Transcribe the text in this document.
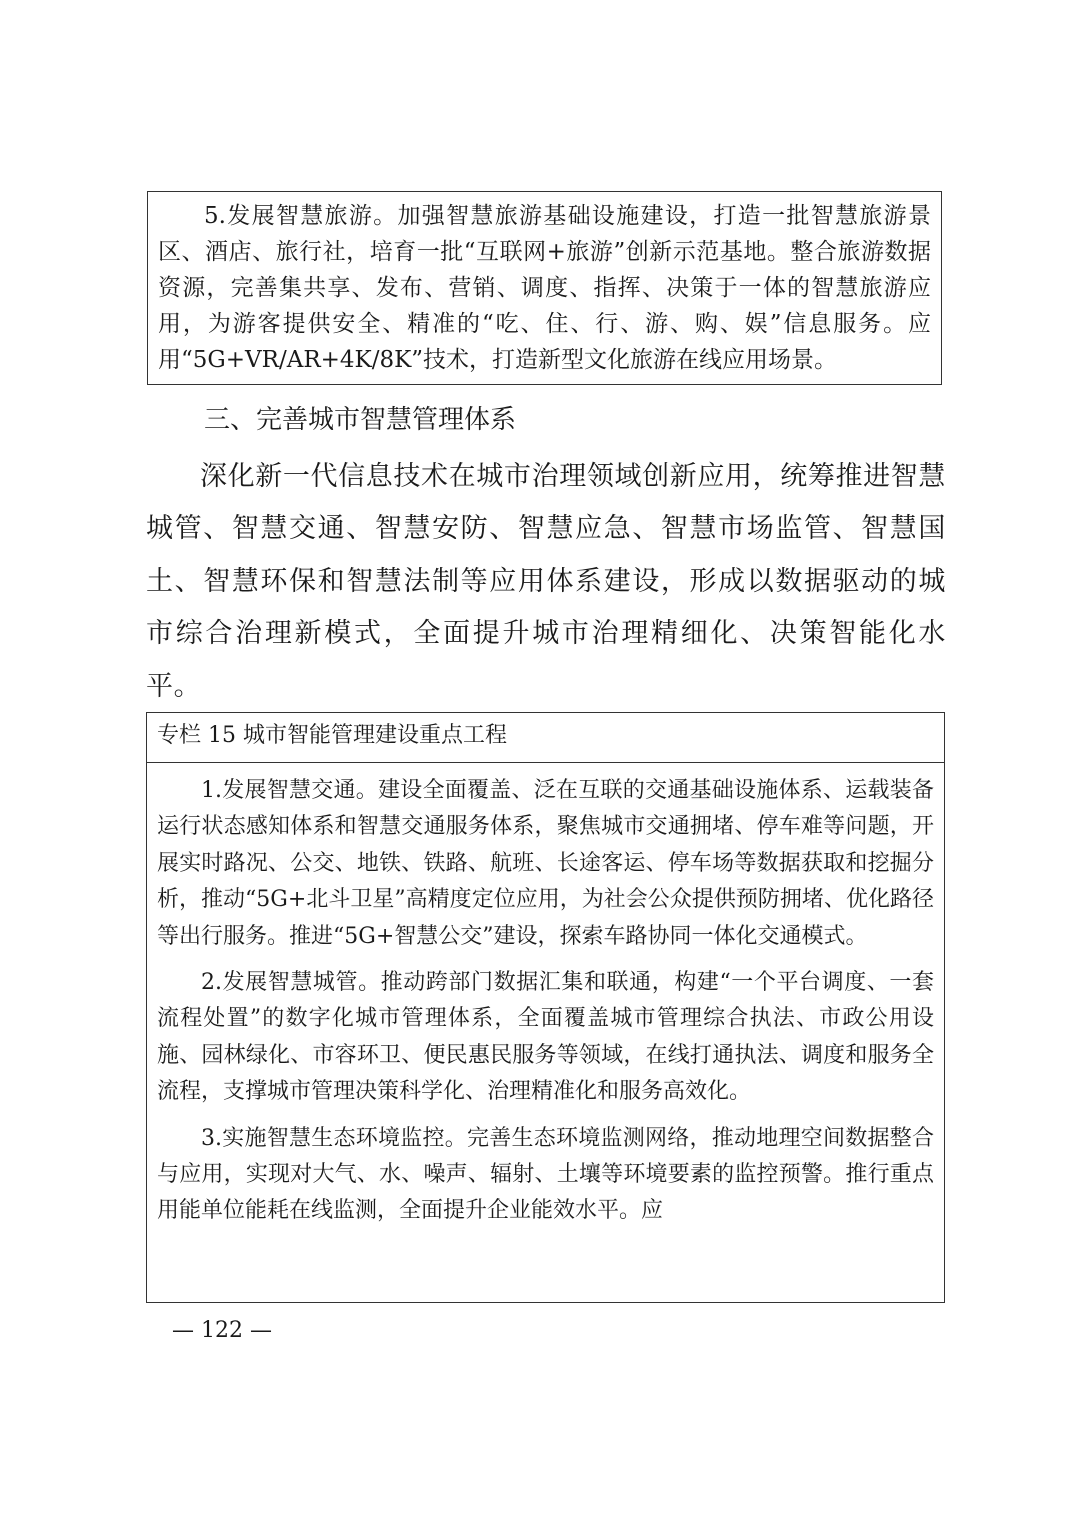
5.发展智慧旅游。加强智慧旅游基础设施建设，打造一批智慧旅游景区、酒店、旅行社，培育一批“互联网+旅游”创新示范基地。整合旅游数据资源，完善集共享、发布、营销、调度、指挥、决策于一体的智慧旅游应用，为游客提供安全、精准的“吃、住、行、游、购、娱”信息服务。应用“5G+VR/AR+4K/8K”技术，打造新型文化旅游在线应用场景。
三、完善城市智慧管理体系
深化新一代信息技术在城市治理领域创新应用，统筹推进智慧城管、智慧交通、智慧安防、智慧应急、智慧市场监管、智慧国土、智慧环保和智慧法制等应用体系建设，形成以数据驱动的城市综合治理新模式，全面提升城市治理精细化、决策智能化水平。
专栏 15 城市智能管理建设重点工程
1.发展智慧交通。建设全面覆盖、泛在互联的交通基础设施体系、运载装备运行状态感知体系和智慧交通服务体系，聚焦城市交通拥堵、停车难等问题，开展实时路况、公交、地铁、铁路、航班、长途客运、停车场等数据获取和挖掘分析，推动“5G+北斗卫星”高精度定位应用，为社会公众提供预防拥堵、优化路径等出行服务。推进“5G+智慧公交”建设，探索车路协同一体化交通模式。
2.发展智慧城管。推动跨部门数据汇集和联通，构建“一个平台调度、一套流程处置”的数字化城市管理体系，全面覆盖城市管理综合执法、市政公用设施、园林绿化、市容环卫、便民惠民服务等领域，在线打通执法、调度和服务全流程，支撑城市管理决策科学化、治理精准化和服务高效化。
3.实施智慧生态环境监控。完善生态环境监测网络，推动地理空间数据整合与应用，实现对大气、水、噪声、辐射、土壤等环境要素的监控预警。推行重点用能单位能耗在线监测，全面提升企业能效水平。应
— 122 —
